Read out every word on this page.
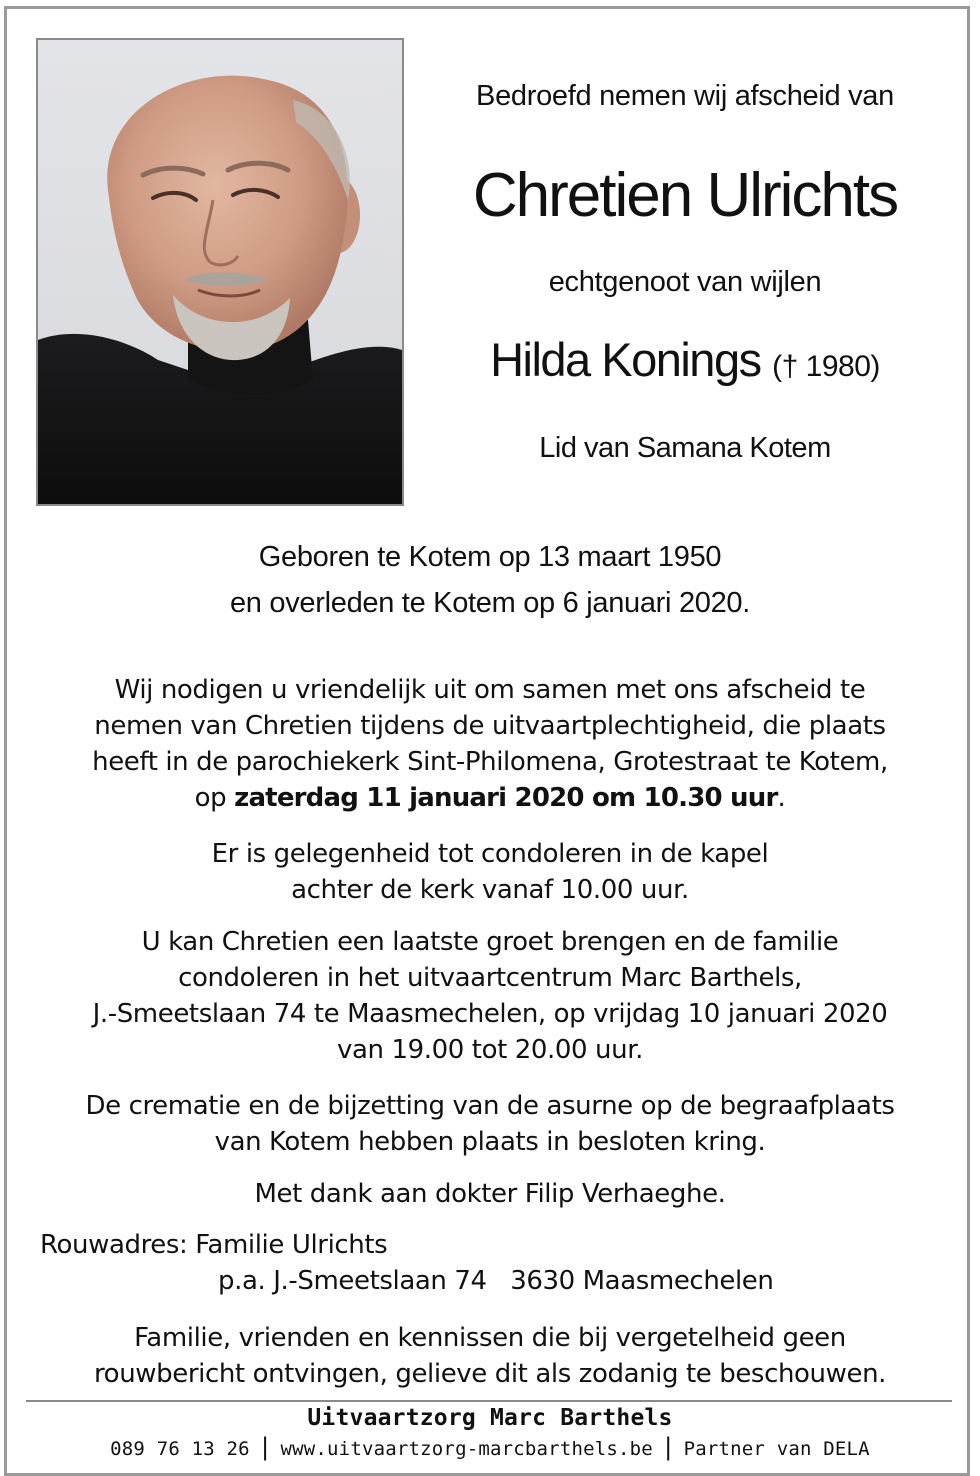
Bedroefd nemen wij afscheid van
Chretien Ulrichts
echtgenoot van wijlen
Hilda Konings († 1980)
Lid van Samana Kotem
Geboren te Kotem op 13 maart 1950
en overleden te Kotem op 6 januari 2020.
Wij nodigen u vriendelijk uit om samen met ons afscheid te
nemen van Chretien tijdens de uitvaartplechtigheid, die plaats
heeft in de parochiekerk Sint-Philomena, Grotestraat te Kotem,
op zaterdag 11 januari 2020 om 10.30 uur.
Er is gelegenheid tot condoleren in de kapel
achter de kerk vanaf 10.00 uur.
U kan Chretien een laatste groet brengen en de familie
condoleren in het uitvaartcentrum Marc Barthels,
J.-Smeetslaan 74 te Maasmechelen, op vrijdag 10 januari 2020
van 19.00 tot 20.00 uur.
De crematie en de bijzetting van de asurne op de begraafplaats
van Kotem hebben plaats in besloten kring.
Met dank aan dokter Filip Verhaeghe.
Rouwadres: Familie Ulrichts
p.a. J.-Smeetslaan 74   3630 Maasmechelen
Familie, vrienden en kennissen die bij vergetelheid geen
rouwbericht ontvingen, gelieve dit als zodanig te beschouwen.
Uitvaartzorg Marc Barthels
089 76 13 26 | www.uitvaartzorg-marcbarthels.be | Partner van DELA
